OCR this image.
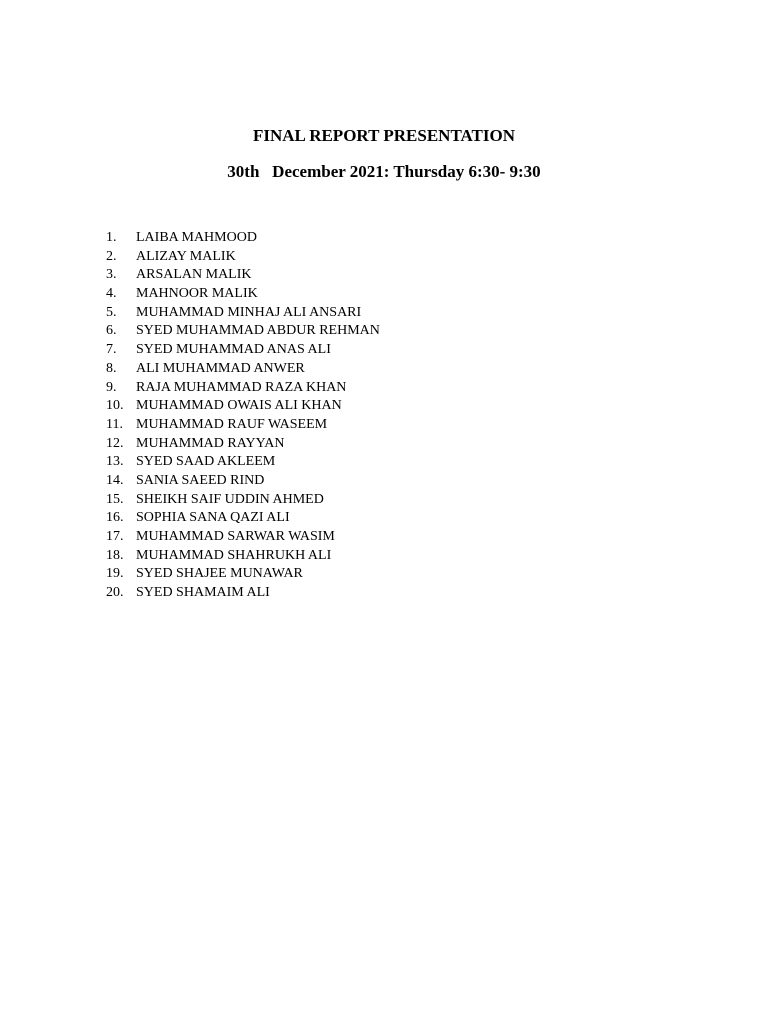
FINAL REPORT PRESENTATION
30th   December 2021: Thursday 6:30- 9:30
1.	LAIBA MAHMOOD
2.	ALIZAY MALIK
3.	ARSALAN MALIK
4.	MAHNOOR MALIK
5.	MUHAMMAD MINHAJ ALI ANSARI
6.	SYED MUHAMMAD ABDUR REHMAN
7.	SYED MUHAMMAD ANAS ALI
8.	ALI MUHAMMAD ANWER
9.	RAJA MUHAMMAD RAZA KHAN
10. MUHAMMAD OWAIS ALI KHAN
11. MUHAMMAD RAUF WASEEM
12. MUHAMMAD RAYYAN
13. SYED SAAD AKLEEM
14. SANIA SAEED RIND
15. SHEIKH SAIF UDDIN AHMED
16. SOPHIA SANA QAZI ALI
17. MUHAMMAD SARWAR WASIM
18. MUHAMMAD SHAHRUKH ALI
19. SYED SHAJEE MUNAWAR
20. SYED SHAMAIM ALI
